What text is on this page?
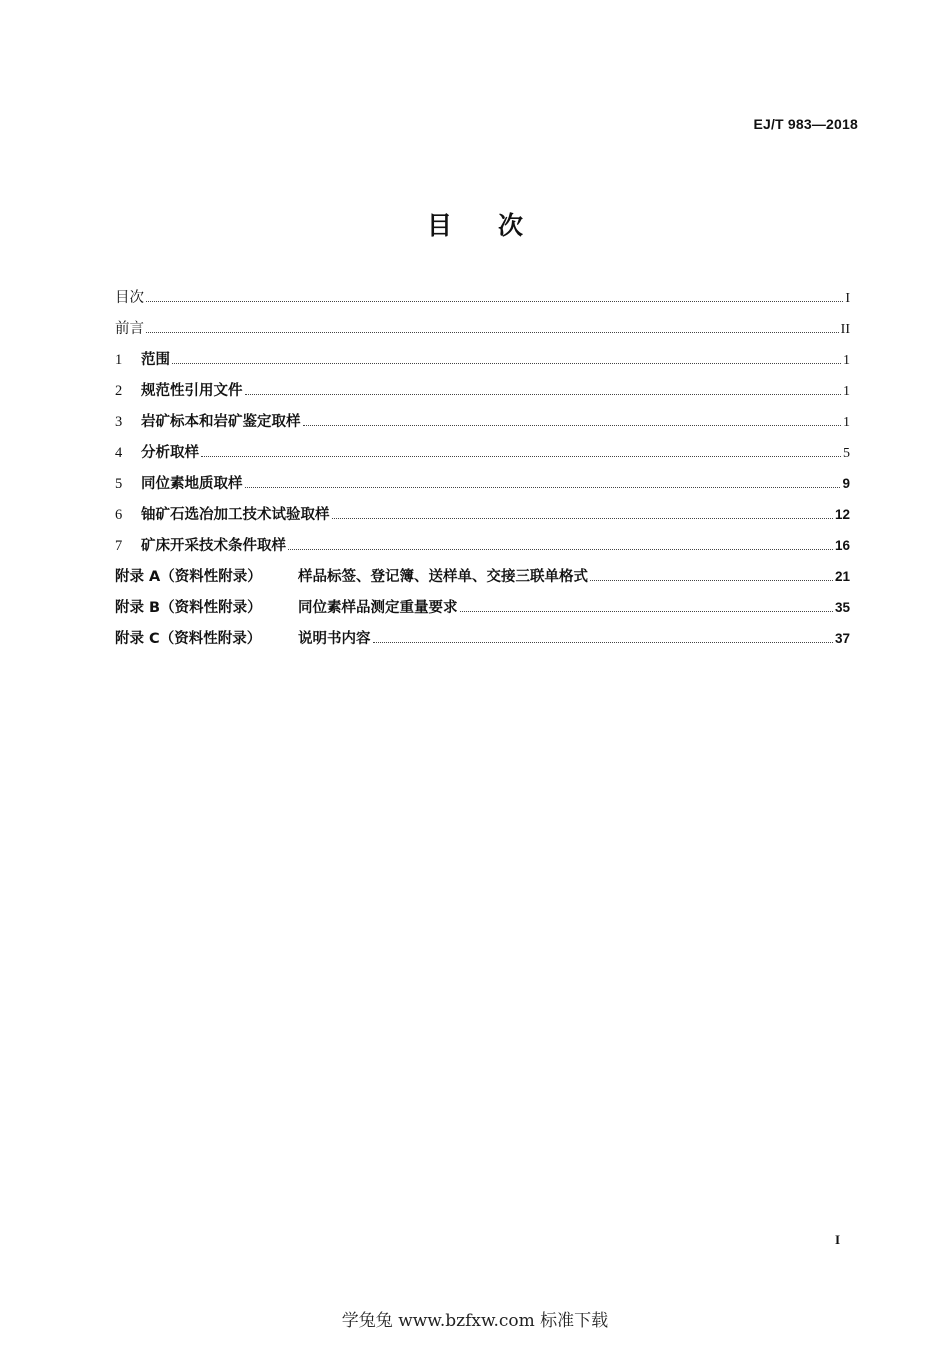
EJ/T 983—2018
目次
目次	I
前言	II
1 范围	1
2 规范性引用文件	1
3 岩矿标本和岩矿鉴定取样	1
4 分析取样	5
5 同位素地质取样	9
6 铀矿石选冶加工技术试验取样	12
7 矿床开采技术条件取样	16
附录 A（资料性附录） 样品标签、登记簿、送样单、交接三联单格式	21
附录 B（资料性附录）	同位素样品测定重量要求	35
附录 C（资料性附录）	说明书内容	37
I
学兔兔 www.bzfxw.com 标准下载
